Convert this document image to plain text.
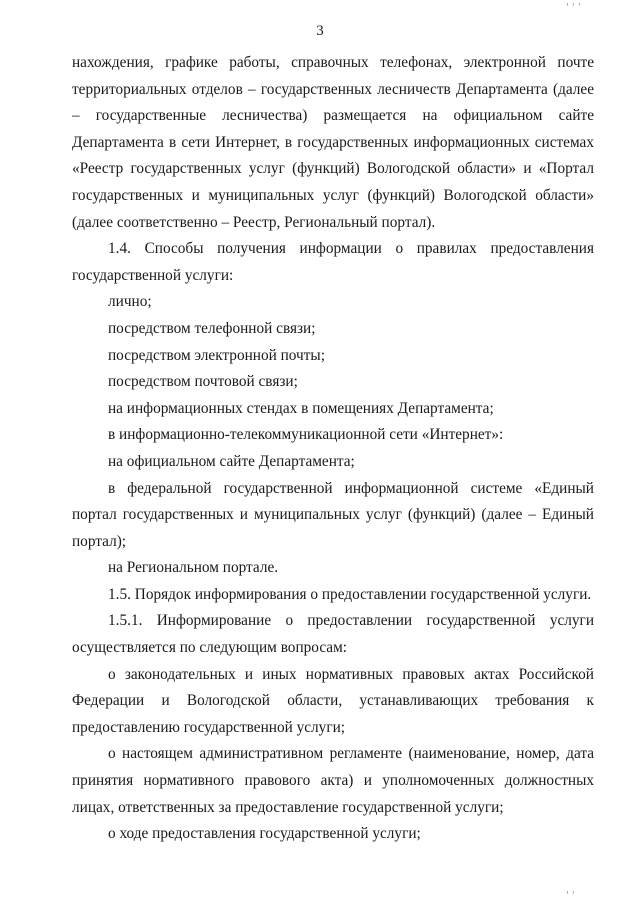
3

нахождения, графике работы, справочных телефонах, электронной почте территориальных отделов – государственных лесничеств Департамента (далее – государственные лесничества) размещается на официальном сайте Департамента в сети Интернет, в государственных информационных системах «Реестр государственных услуг (функций) Вологодской области» и «Портал государственных и муниципальных услуг (функций) Вологодской области» (далее соответственно – Реестр, Региональный портал).

1.4. Способы получения информации о правилах предоставления государственной услуги:

лично;

посредством телефонной связи;

посредством электронной почты;

посредством почтовой связи;

на информационных стендах в помещениях Департамента;

в информационно-телекоммуникационной сети «Интернет»:

на официальном сайте Департамента;

в федеральной государственной информационной системе «Единый портал государственных и муниципальных услуг (функций) (далее – Единый портал);

на Региональном портале.

1.5. Порядок информирования о предоставлении государственной услуги.

1.5.1. Информирование о предоставлении государственной услуги осуществляется по следующим вопросам:

о законодательных и иных нормативных правовых актах Российской Федерации и Вологодской области, устанавливающих требования к предоставлению государственной услуги;

о настоящем административном регламенте (наименование, номер, дата принятия нормативного правового акта) и уполномоченных должностных лицах, ответственных за предоставление государственной услуги;

о ходе предоставления государственной услуги;

' ' '
' '
